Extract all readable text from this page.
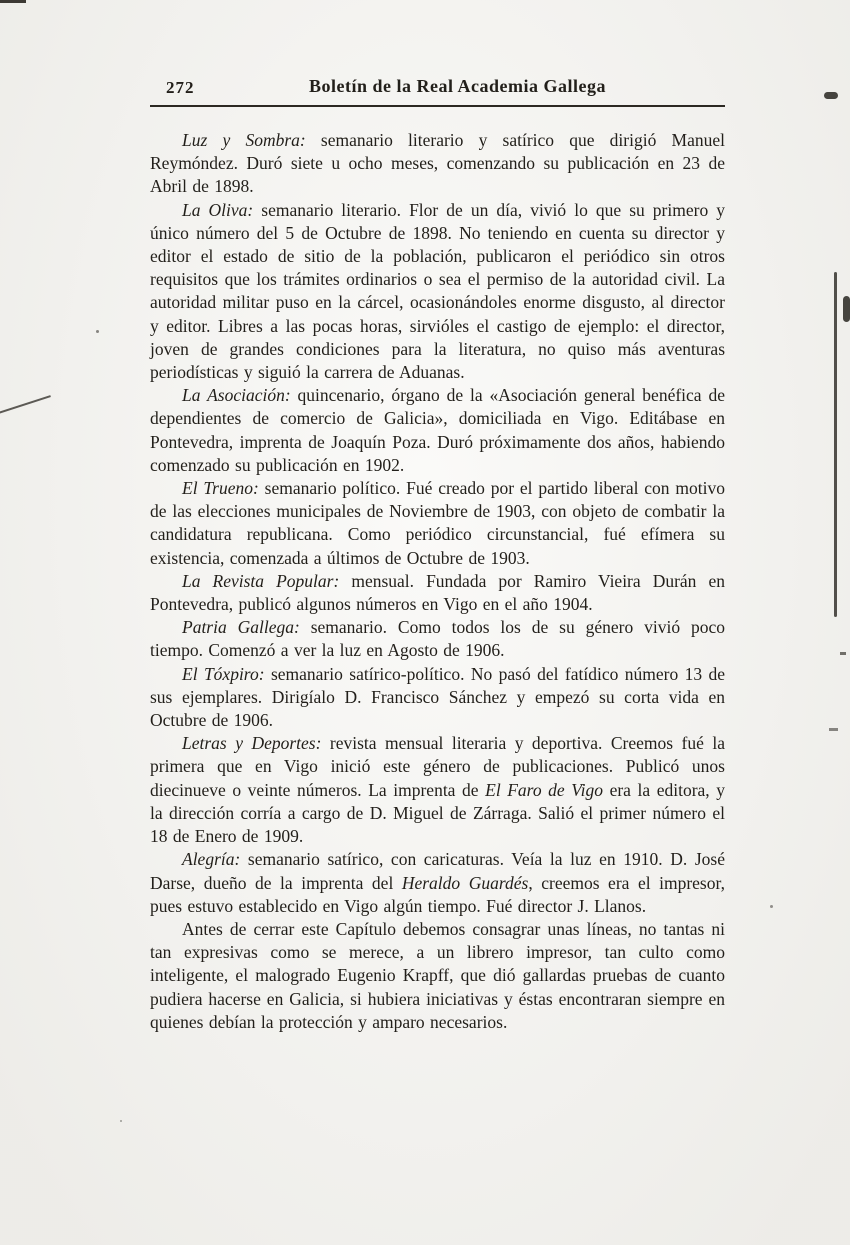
272	Boletín de la Real Academia Gallega

Luz y Sombra: semanario literario y satírico que dirigió Manuel Reymóndez. Duró siete u ocho meses, comenzando su publicación en 23 de Abril de 1898.

La Oliva: semanario literario. Flor de un día, vivió lo que su primero y único número del 5 de Octubre de 1898. No teniendo en cuenta su director y editor el estado de sitio de la población, publicaron el periódico sin otros requisitos que los trámites ordinarios o sea el permiso de la autoridad civil. La autoridad militar puso en la cárcel, ocasionándoles enorme disgusto, al director y editor. Libres a las pocas horas, sirvióles el castigo de ejemplo: el director, joven de grandes condiciones para la literatura, no quiso más aventuras periodísticas y siguió la carrera de Aduanas.

La Asociación: quincenario, órgano de la «Asociación general benéfica de dependientes de comercio de Galicia», domiciliada en Vigo. Editábase en Pontevedra, imprenta de Joaquín Poza. Duró próximamente dos años, habiendo comenzado su publicación en 1902.

El Trueno: semanario político. Fué creado por el partido liberal con motivo de las elecciones municipales de Noviembre de 1903, con objeto de combatir la candidatura republicana. Como periódico circunstancial, fué efímera su existencia, comenzada a últimos de Octubre de 1903.

La Revista Popular: mensual. Fundada por Ramiro Vieira Durán en Pontevedra, publicó algunos números en Vigo en el año 1904.

Patria Gallega: semanario. Como todos los de su género vivió poco tiempo. Comenzó a ver la luz en Agosto de 1906.

El Tóxpiro: semanario satírico-político. No pasó del fatídico número 13 de sus ejemplares. Dirigíalo D. Francisco Sánchez y empezó su corta vida en Octubre de 1906.

Letras y Deportes: revista mensual literaria y deportiva. Creemos fué la primera que en Vigo inició este género de publicaciones. Publicó unos diecinueve o veinte números. La imprenta de El Faro de Vigo era la editora, y la dirección corría a cargo de D. Miguel de Zárraga. Salió el primer número el 18 de Enero de 1909.

Alegría: semanario satírico, con caricaturas. Veía la luz en 1910. D. José Darse, dueño de la imprenta del Heraldo Guardés, creemos era el impresor, pues estuvo establecido en Vigo algún tiempo. Fué director J. Llanos.

Antes de cerrar este Capítulo debemos consagrar unas líneas, no tantas ni tan expresivas como se merece, a un librero impresor, tan culto como inteligente, el malogrado Eugenio Krapff, que dió gallardas pruebas de cuanto pudiera hacerse en Galicia, si hubiera iniciativas y éstas encontraran siempre en quienes debían la protección y amparo necesarios.
